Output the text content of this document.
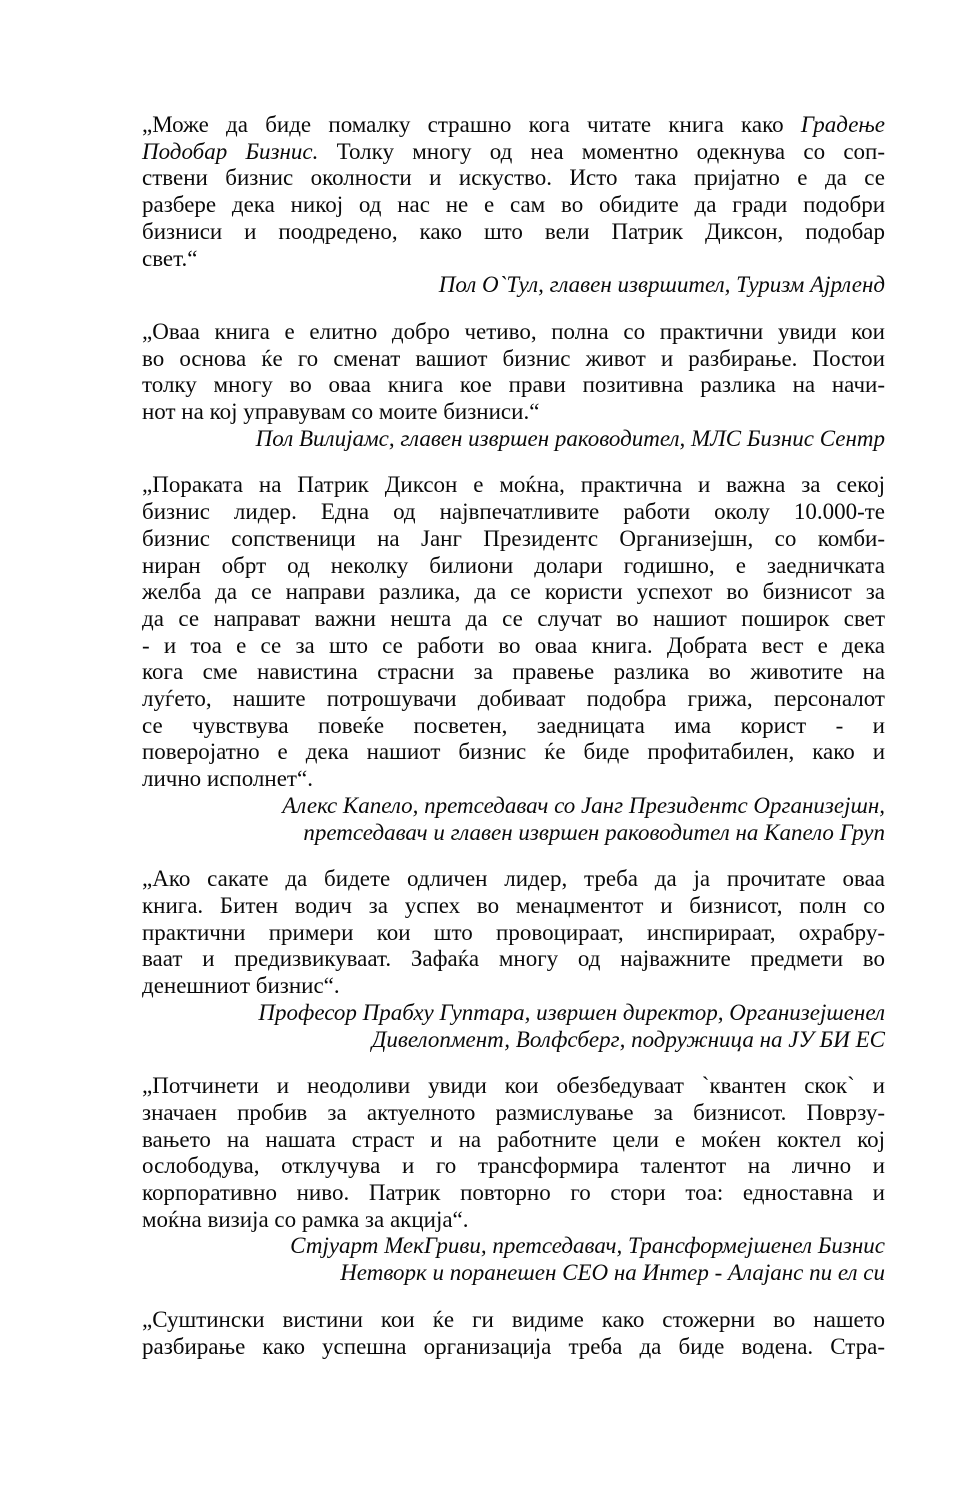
„Може да биде помалку страшно кога читате книга како Градење
Подобар Бизнис. Толку многу од неа моментно одекнува со соп-
ствени бизнис околности и искуство. Исто така пријатно е да се
разбере дека никој од нас не е сам во обидите да гради подобри
бизниси и поодредено, како што вели Патрик Диксон, подобар
свет.“
Пол О`Тул, главен извршител, Туризм Ајрленд
„Оваа книга е елитно добро четиво, полна со практични увиди кои
во основа ќе го сменат вашиот бизнис живот и разбирање. Постои
толку многу во оваа книга кое прави позитивна разлика на начи-
нот на кој управувам со моите бизниси.“
Пол Вилијамс, главен извршен раководител, МЛС Бизнис Сентр
„Пораката на Патрик Диксон е моќна, практична и важна за секој
бизнис лидер. Една од највпечатливите работи околу 10.000-те
бизнис сопственици на Јанг Президентс Организејшн, со комби-
ниран обрт од неколку билиони долари годишно, е заедничката
желба да се направи разлика, да се користи успехот во бизнисот за
да се направат важни нешта да се случат во нашиот поширок свет
- и тоа е се за што се работи во оваа книга. Добрата вест е дека
кога сме навистина страсни за правење разлика во животите на
луѓето, нашите потрошувачи добиваат подобра грижа, персоналот
се чувствува повеќе посветен, заедницата има корист - и
поверојатно е дека нашиот бизнис ќе биде профитабилен, како и
лично исполнет“.
Алекс Капело, претседавач со Јанг Президентс Организејшн,
претседавач и главен извршен раководител на Капело Груп
„Ако сакате да бидете одличен лидер, треба да ја прочитате оваа
книга. Битен водич за успех во менаџментот и бизнисот, полн со
практични примери кои што провоцираат, инспирираат, охрабру-
ваат и предизвикуваат. Зафаќа многу од најважните предмети во
денешниот бизнис“.
Професор Прабху Гуптара, извршен директор, Организејшенел
Дивелопмент, Волфсберг, подружница на ЈУ БИ ЕС
„Потчинети и неодоливи увиди кои обезбедуваат `квантен скок` и
значаен пробив за актуелното размислување за бизнисот. Поврзу-
вањето на нашата страст и на работните цели е моќен коктел кој
ослободува, отклучува и го трансформира талентот на лично и
корпоративно ниво. Патрик повторно го стори тоа: едноставна и
моќна визија со рамка за акција“.
Стјуарт МекГриви, претседавач, Трансформејшенел Бизнис
Нетворк и поранешен СЕО на Интер - Алајанс пи ел си
„Суштински вистини кои ќе ги видиме како стожерни во нашето
разбирање како успешна организација треба да биде водена. Стра-
